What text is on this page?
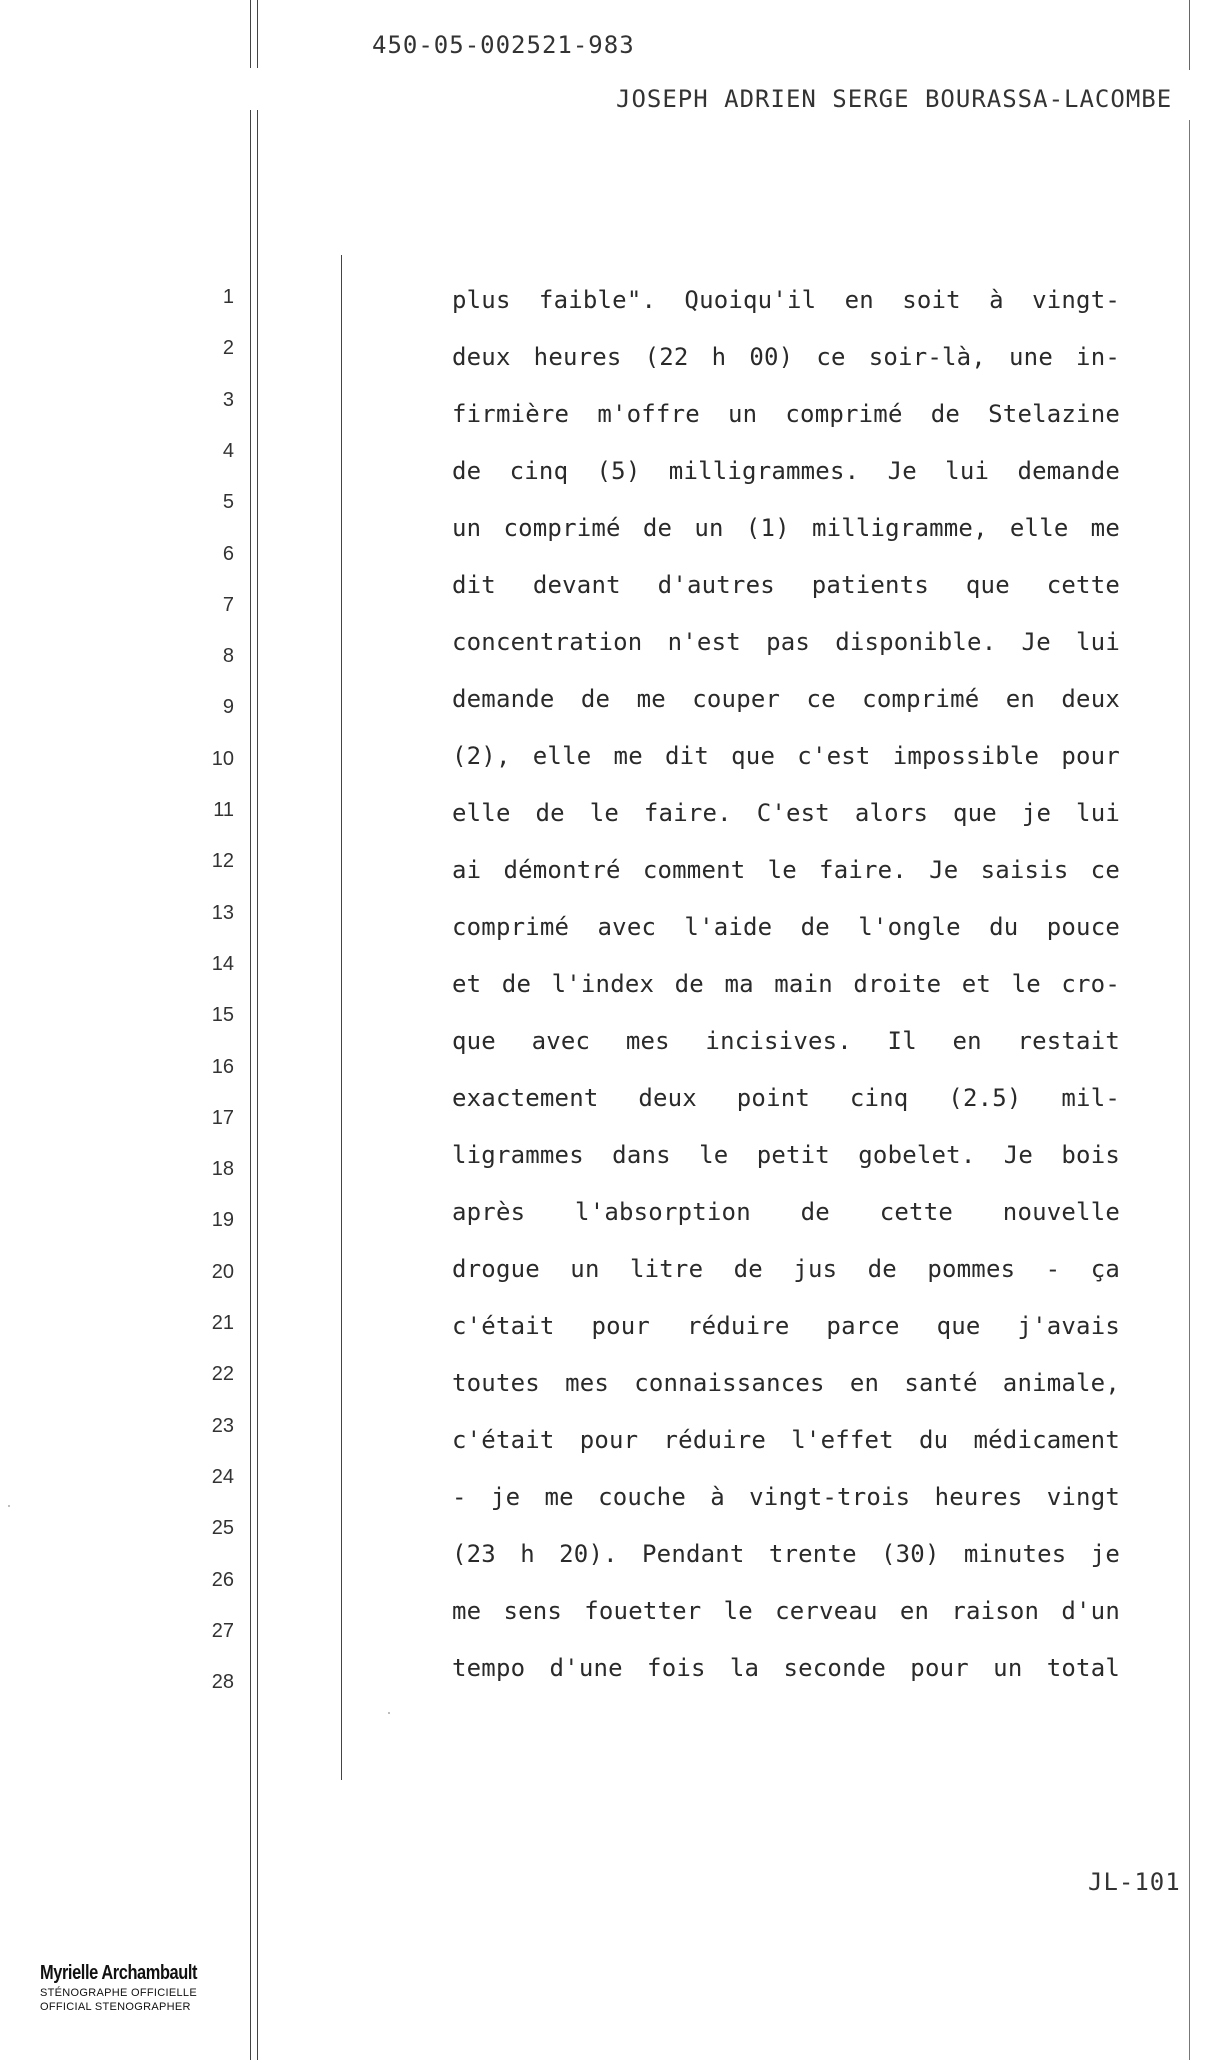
450-05-002521-983
JOSEPH ADRIEN SERGE BOURASSA-LACOMBE
1
2
3
4
5
6
7
8
9
10
11
12
13
14
15
16
17
18
19
20
21
22
23
24
25
26
27
28
plus faible". Quoiqu'il en soit à vingt-
deux heures (22 h 00) ce soir-là, une in-
firmière m'offre un comprimé de Stelazine
de cinq (5) milligrammes. Je lui demande
un comprimé de un (1) milligramme, elle me
dit devant d'autres patients que cette
concentration n'est pas disponible. Je lui
demande de me couper ce comprimé en deux
(2), elle me dit que c'est impossible pour
elle de le faire. C'est alors que je lui
ai démontré comment le faire. Je saisis ce
comprimé avec l'aide de l'ongle du pouce
et de l'index de ma main droite et le cro-
que avec mes incisives. Il en restait
exactement deux point cinq (2.5) mil-
ligrammes dans le petit gobelet. Je bois
après l'absorption de cette nouvelle
drogue un litre de jus de pommes - ça
c'était pour réduire parce que j'avais
toutes mes connaissances en santé animale,
c'était pour réduire l'effet du médicament
- je me couche à vingt-trois heures vingt
(23 h 20). Pendant trente (30) minutes je
me sens fouetter le cerveau en raison d'un
tempo d'une fois la seconde pour un total
JL-101
Myrielle Archambault
STÉNOGRAPHE OFFICIELLE
OFFICIAL STENOGRAPHER
